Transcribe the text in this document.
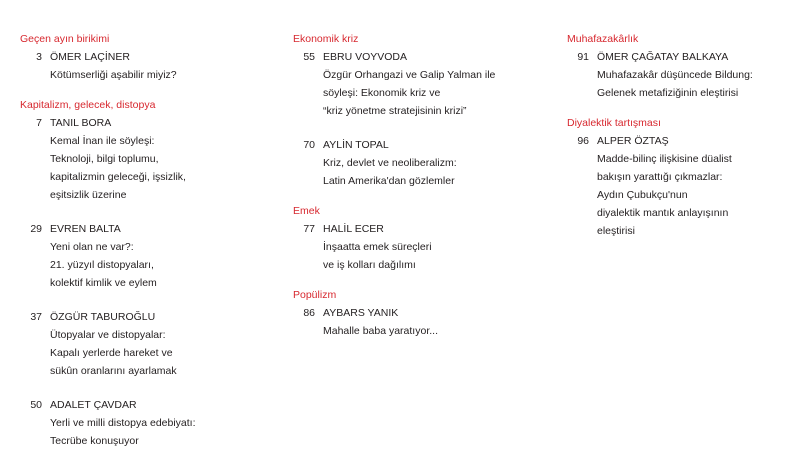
Geçen ayın birikimi
3 ÖMER LAÇİNER
Kötümserliği aşabilir miyiz?
Kapitalizm, gelecek, distopya
7 TANIL BORA
Kemal İnan ile söyleşi:
Teknoloji, bilgi toplumu,
kapitalizmin geleceği, işsizlik,
eşitsizlik üzerine
29 EVREN BALTA
Yeni olan ne var?:
21. yüzyıl distopyaları,
kolektif kimlik ve eylem
37 ÖZGÜR TABUROĞLU
Ütopyalar ve distopyalar:
Kapalı yerlerde hareket ve
sükûn oranlarını ayarlamak
50 ADALET ÇAVDAR
Yerli ve milli distopya edebiyatı:
Tecrübe konuşuyor
Ekonomik kriz
55 EBRU VOYVODA
Özgür Orhangazi ve Galip Yalman ile
söyleşi: Ekonomik kriz ve
“kriz yönetme stratejisinin krizi”
70 AYLİN TOPAL
Kriz, devlet ve neoliberalizm:
Latin Amerika'dan gözlemler
Emek
77 HALİL ECER
İnşaatta emek süreçleri
ve iş kolları dağılımı
Popülizm
86 AYBARS YANIK
Mahalle baba yaratıyor...
Muhafazakârlık
91 ÖMER ÇAĞATAY BALKAYA
Muhafazakâr düşüncede Bildung:
Gelenek metafiziğinin eleştirisi
Diyalektik tartışması
96 ALPER ÖZTAŞ
Madde-bilinç ilişkisine düalist
bakışın yarattığı çıkmazlar:
Aydın Çubukçu'nun
diyalektik mantık anlayışının
eleştirisi
